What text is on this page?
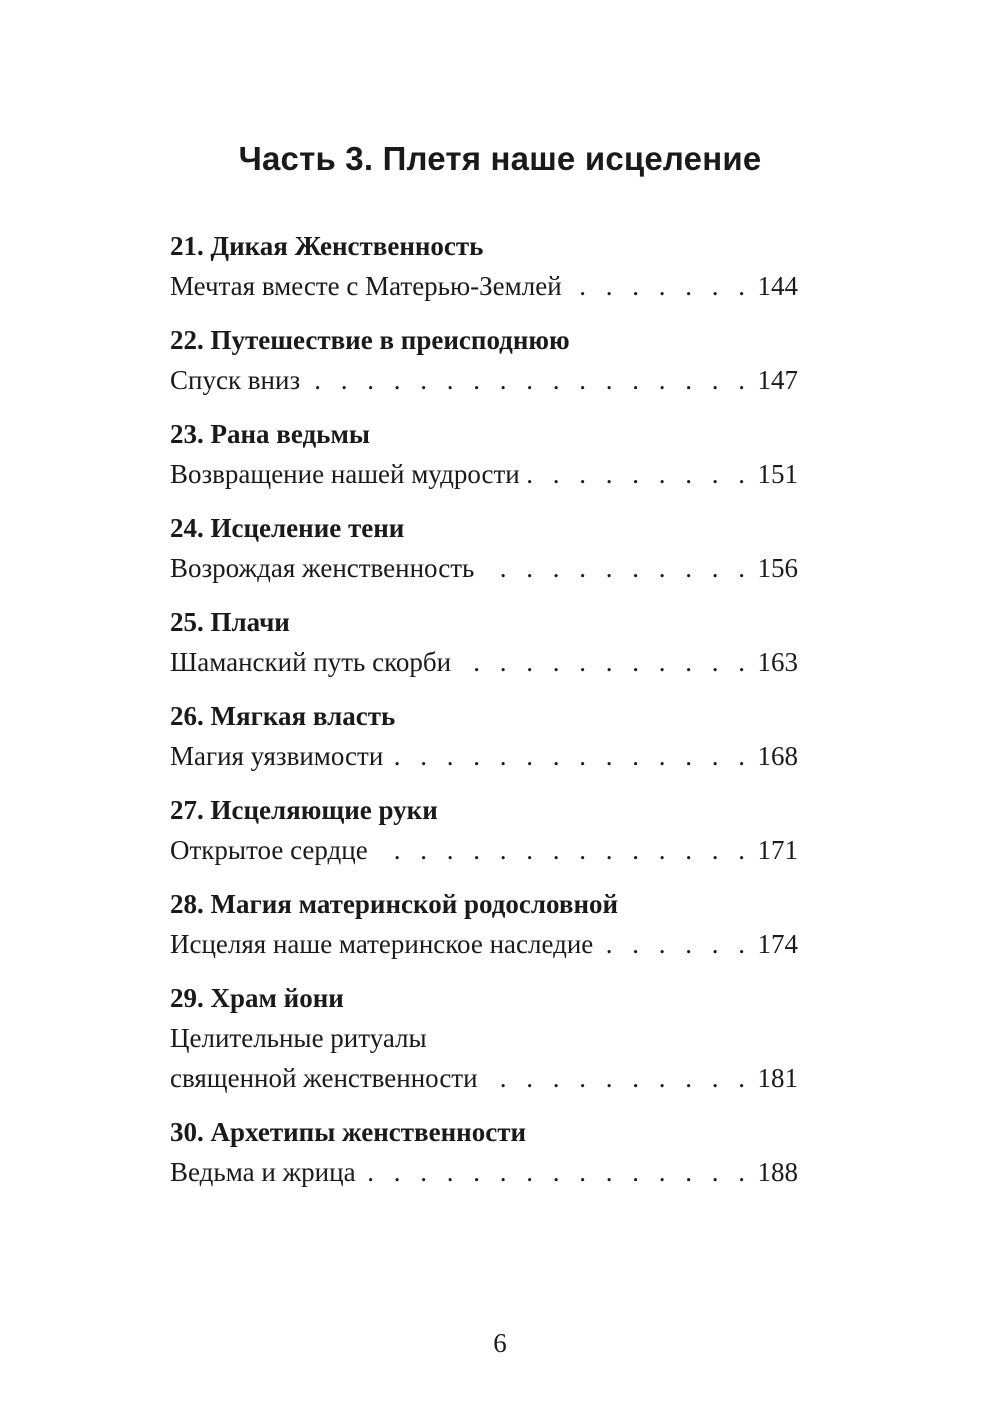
Часть 3. Плетя наше исцеление
21. Дикая Женственность
Мечтая вместе с Матерью-Землей . . .	144
22. Путешествие в преисподнюю
Спуск вниз . . .	147
23. Рана ведьмы
Возвращение нашей мудрости . . .	151
24. Исцеление тени
Возрождая женственность . . .	156
25. Плачи
Шаманский путь скорби . . .	163
26. Мягкая власть
Магия уязвимости . . .	168
27. Исцеляющие руки
Открытое сердце . . .	171
28. Магия материнской родословной
Исцеляя наше материнское наследие . . .	174
29. Храм йони
Целительные ритуалы
священной женственности . . .	181
30. Архетипы женственности
Ведьма и жрица . . .	188
6
